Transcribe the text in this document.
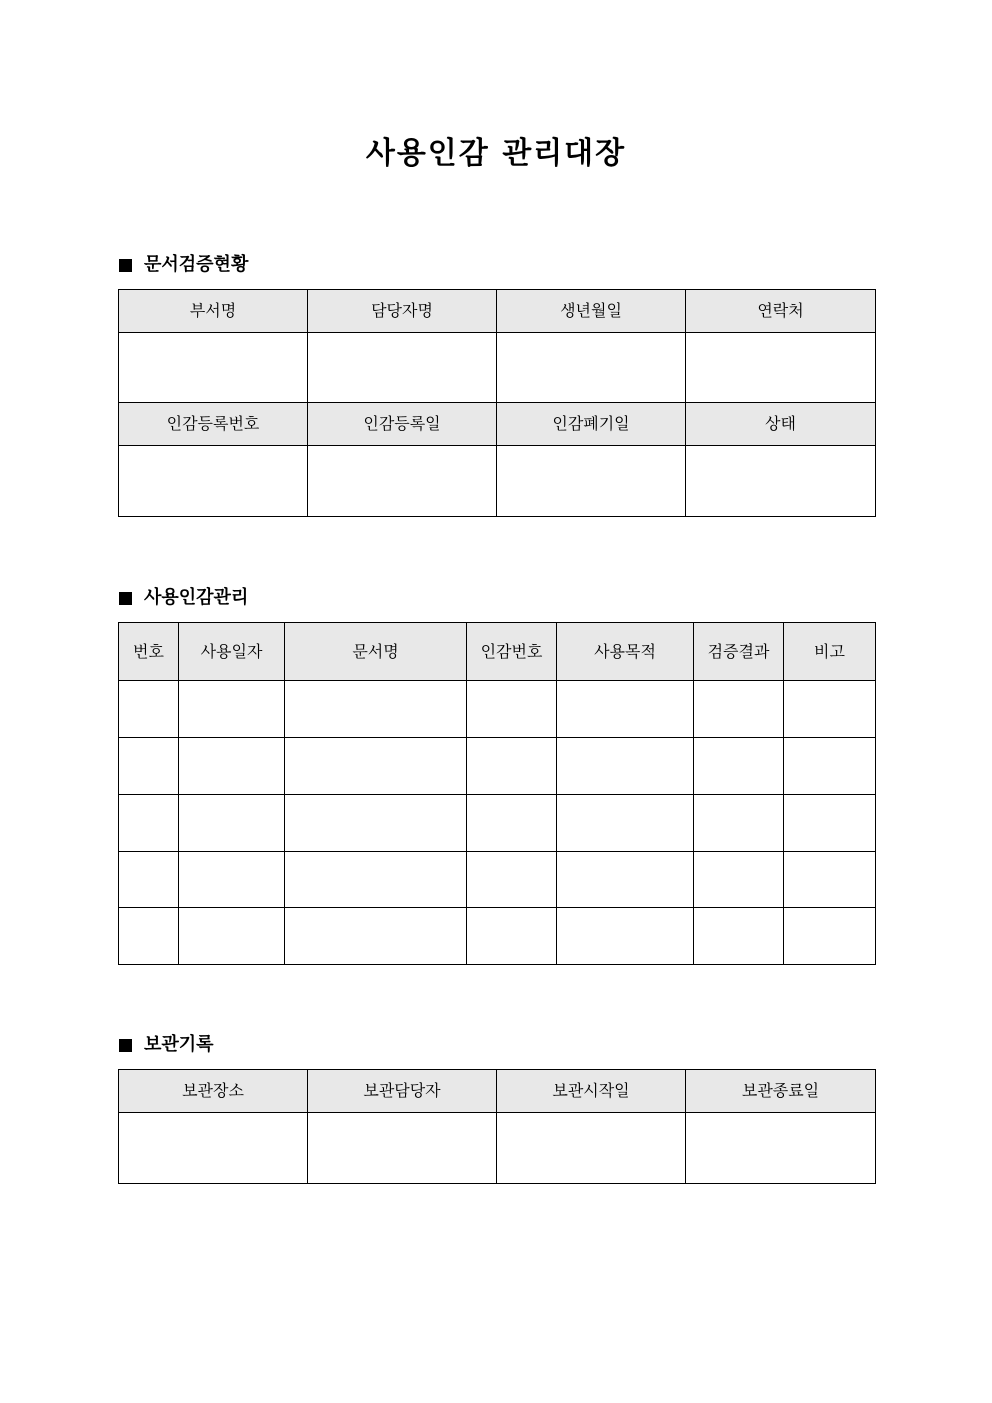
사용인감 관리대장
문서검증현황
부서명	담당자명	생년월일	연락처

인감등록번호	인감등록일	인감폐기일	상태

사용인감관리
번호	사용일자	문서명	인감번호	사용목적	검증결과	비고

보관기록
보관장소	보관담당자	보관시작일	보관종료일
